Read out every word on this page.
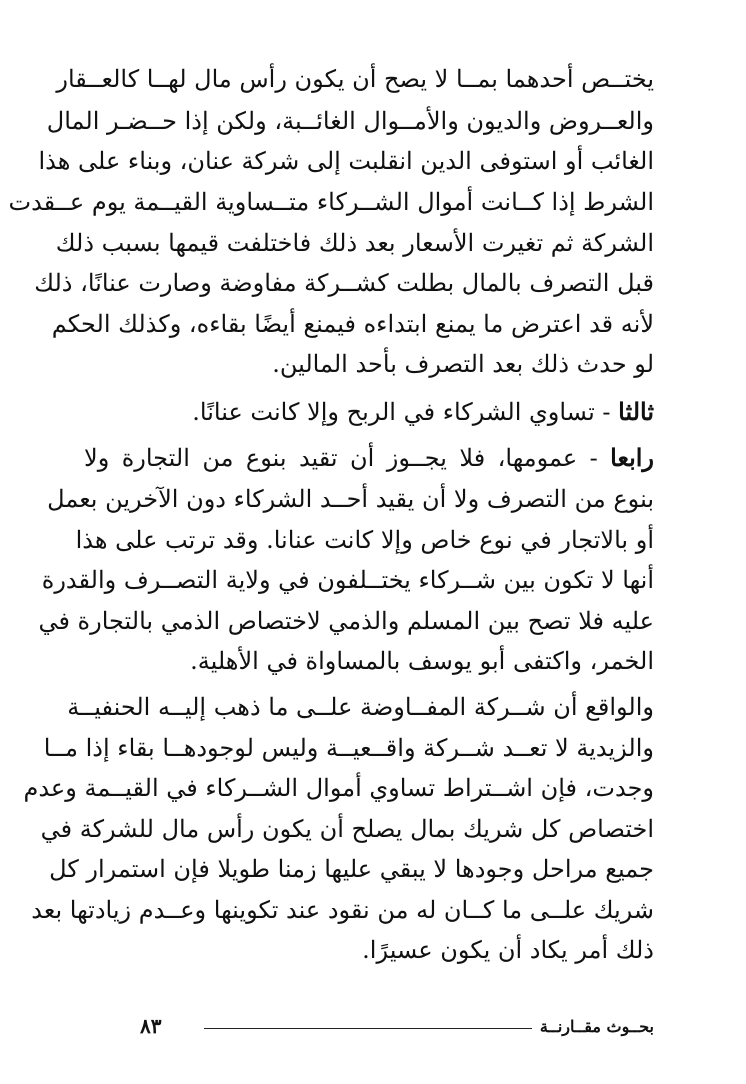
يختــص أحدهما بمــا لا يصح أن يكون رأس مال لهــا كالعــقار
والعــروض والديون والأمــوال الغائــبة، ولكن إذا حــضـر المال
الغائب أو استوفى الدين انقلبت إلى شركة عنان، وبناء على هذا
الشرط إذا كــانت أموال الشــركاء متــساوية القيــمة يوم عــقدت
الشركة ثم تغيرت الأسعار بعد ذلك فاختلفت قيمها بسبب ذلك
قبل التصرف بالمال بطلت كشــركة مفاوضة وصارت عنانًا، ذلك
لأنه قد اعترض ما يمنع ابتداءه فيمنع أيضًا بقاءه، وكذلك الحكم
لو حدث ذلك بعد التصرف بأحد المالين.
ثالثا - تساوي الشركاء في الربح وإلا كانت عنانًا.
رابعا - عمومها، فلا يجــوز أن تقيد بنوع من التجارة ولا
بنوع من التصرف ولا أن يقيد أحــد الشركاء دون الآخرين بعمل
أو بالاتجار في نوع خاص وإلا كانت عنانا. وقد ترتب على هذا
أنها لا تكون بين شــركاء يختــلفون في ولاية التصــرف والقدرة
عليه فلا تصح بين المسلم والذمي لاختصاص الذمي بالتجارة في
الخمر، واكتفى أبو يوسف بالمساواة في الأهلية.
والواقع أن شــركة المفــاوضة علــى ما ذهب إليــه الحنفيــة
والزيدية لا تعــد شــركة واقــعيــة وليس لوجودهــا بقاء إذا مــا
وجدت، فإن اشــتراط تساوي أموال الشــركاء في القيــمة وعدم
اختصاص كل شريك بمال يصلح أن يكون رأس مال للشركة في
جميع مراحل وجودها لا يبقي عليها زمنا طويلا فإن استمرار كل
شريك علــى ما كــان له من نقود عند تكوينها وعــدم زيادتها بعد
ذلك أمر يكاد أن يكون عسيرًا.
بحــوث مقــارنــة
٨٣
